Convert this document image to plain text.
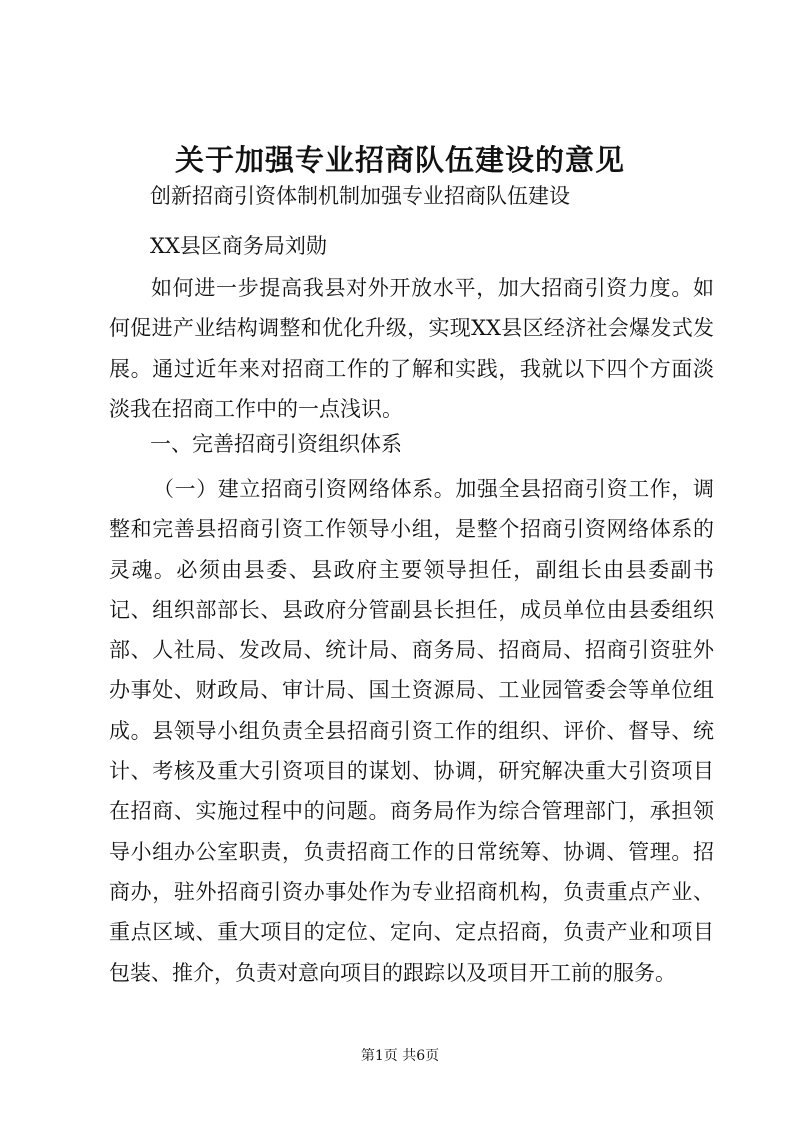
关于加强专业招商队伍建设的意见
创新招商引资体制机制加强专业招商队伍建设
XX县区商务局刘勋

如何进一步提高我县对外开放水平，加大招商引资力度。如何促进产业结构调整和优化升级，实现XX县区经济社会爆发式发展。通过近年来对招商工作的了解和实践，我就以下四个方面淡淡我在招商工作中的一点浅识。

一、完善招商引资组织体系

（一）建立招商引资网络体系。加强全县招商引资工作，调整和完善县招商引资工作领导小组，是整个招商引资网络体系的灵魂。必须由县委、县政府主要领导担任，副组长由县委副书记、组织部部长、县政府分管副县长担任，成员单位由县委组织部、人社局、发改局、统计局、商务局、招商局、招商引资驻外办事处、财政局、审计局、国土资源局、工业园管委会等单位组成。县领导小组负责全县招商引资工作的组织、评价、督导、统计、考核及重大引资项目的谋划、协调，研究解决重大引资项目在招商、实施过程中的问题。商务局作为综合管理部门，承担领导小组办公室职责，负责招商工作的日常统筹、协调、管理。招商办，驻外招商引资办事处作为专业招商机构，负责重点产业、重点区域、重大项目的定位、定向、定点招商，负责产业和项目包装、推介，负责对意向项目的跟踪以及项目开工前的服务。

第1页 共6页
